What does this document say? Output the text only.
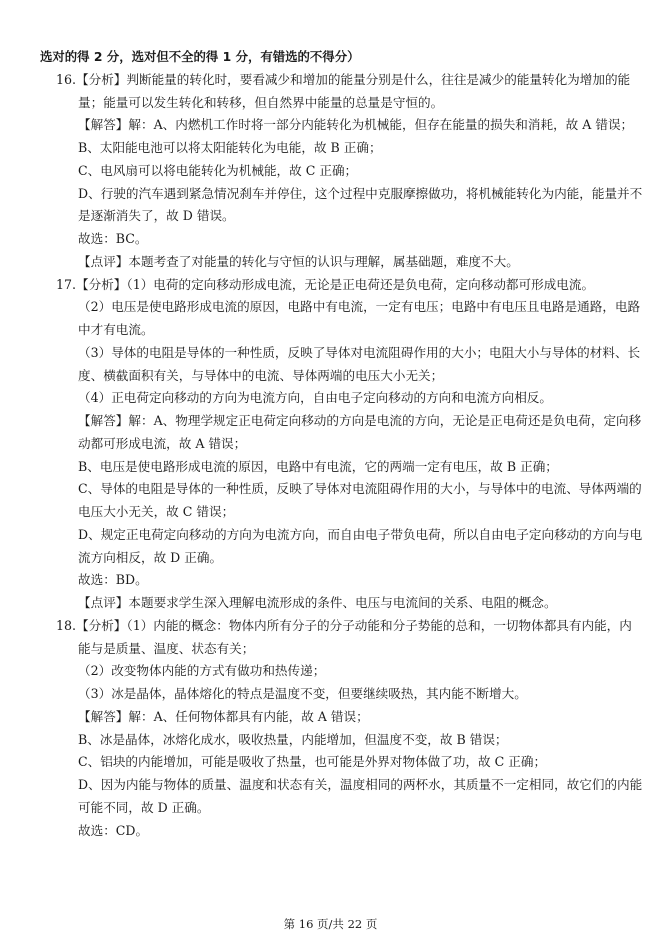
选对的得 2 分，选对但不全的得 1 分，有错选的不得分）
16.【分析】判断能量的转化时，要看减少和增加的能量分别是什么，往往是减少的能量转化为增加的能
量；能量可以发生转化和转移，但自然界中能量的总量是守恒的。
【解答】解：A、内燃机工作时将一部分内能转化为机械能，但存在能量的损失和消耗，故 A 错误；
B、太阳能电池可以将太阳能转化为电能，故 B 正确；
C、电风扇可以将电能转化为机械能，故 C 正确；
D、行驶的汽车遇到紧急情况刹车并停住，这个过程中克服摩擦做功，将机械能转化为内能，能量并不
是逐渐消失了，故 D 错误。
故选：BC。
【点评】本题考查了对能量的转化与守恒的认识与理解，属基础题，难度不大。
17.【分析】（1）电荷的定向移动形成电流，无论是正电荷还是负电荷，定向移动都可形成电流。
（2）电压是使电路形成电流的原因，电路中有电流，一定有电压；电路中有电压且电路是通路，电路
中才有电流。
（3）导体的电阻是导体的一种性质，反映了导体对电流阻碍作用的大小；电阻大小与导体的材料、长
度、横截面积有关，与导体中的电流、导体两端的电压大小无关；
（4）正电荷定向移动的方向为电流方向，自由电子定向移动的方向和电流方向相反。
【解答】解：A、物理学规定正电荷定向移动的方向是电流的方向，无论是正电荷还是负电荷，定向移
动都可形成电流，故 A 错误；
B、电压是使电路形成电流的原因，电路中有电流，它的两端一定有电压，故 B 正确；
C、导体的电阻是导体的一种性质，反映了导体对电流阻碍作用的大小，与导体中的电流、导体两端的
电压大小无关，故 C 错误；
D、规定正电荷定向移动的方向为电流方向，而自由电子带负电荷，所以自由电子定向移动的方向与电
流方向相反，故 D 正确。
故选：BD。
【点评】本题要求学生深入理解电流形成的条件、电压与电流间的关系、电阻的概念。
18.【分析】（1）内能的概念：物体内所有分子的分子动能和分子势能的总和，一切物体都具有内能，内
能与是质量、温度、状态有关；
（2）改变物体内能的方式有做功和热传递；
（3）冰是晶体，晶体熔化的特点是温度不变，但要继续吸热，其内能不断增大。
【解答】解：A、任何物体都具有内能，故 A 错误；
B、冰是晶体，冰熔化成水，吸收热量，内能增加，但温度不变，故 B 错误；
C、铝块的内能增加，可能是吸收了热量，也可能是外界对物体做了功，故 C 正确；
D、因为内能与物体的质量、温度和状态有关，温度相同的两杯水，其质量不一定相同，故它们的内能
可能不同，故 D 正确。
故选：CD。
第 16 页/共 22 页
